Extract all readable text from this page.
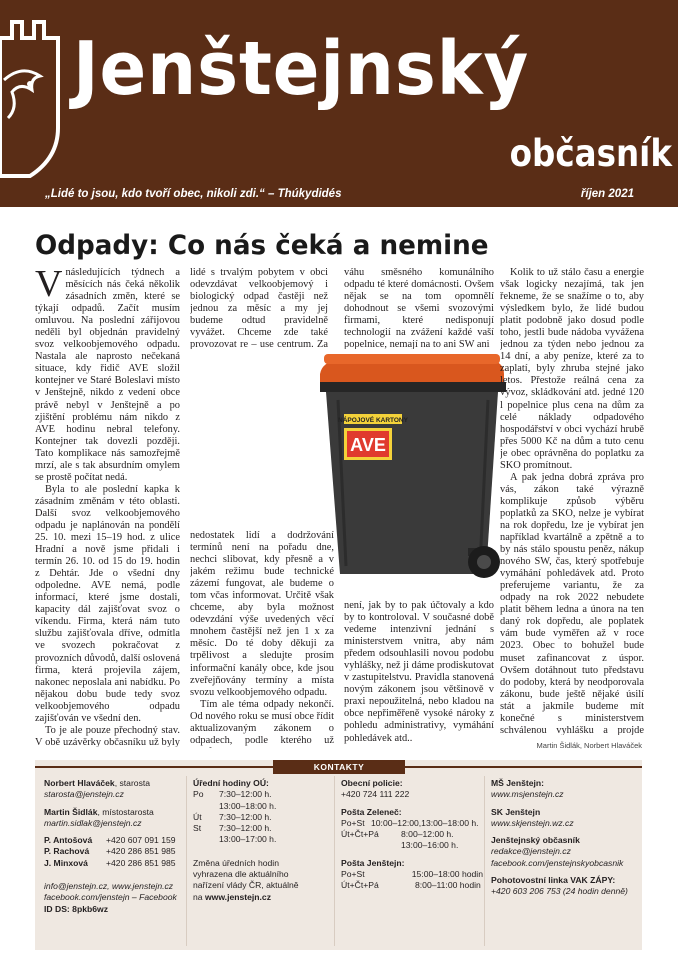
Jenštejnský
občasník
„Lidé to jsou, kdo tvoří obec, nikoli zdi.“ – Thúkydidés	říjen 2021
Odpady: Co nás čeká a nemine

Vnásledujících týdnech a měsících nás čeká několik zásadních změn, které se týkají odpadů. Začít musím omluvou. Na poslední zářijovou neděli byl objednán pravidelný svoz velkoobjemového odpadu. Nastala ale naprosto nečekaná situace, kdy řidič AVE složil kontejner ve Staré Boleslavi místo v Jenštejně, nikdo z vedení obce právě nebyl v Jenštejně a po zjištění problému nám nikdo z AVE hodinu nebral telefony. Kontejner tak dovezli později. Tato komplikace nás samozřejmě mrzí, ale s tak absurdním omylem se prostě počítat nedá.

Byla to ale poslední kapka k zásadním změnám v této oblasti. Další svoz velkoobjemového odpadu je naplánován na pondělí 25. 10. mezi 15–19 hod. z ulice Hradní a nově jsme přidali i termín 26. 10. od 15 do 19. hodin z Dehtár. Jde o všední dny odpoledne. AVE nemá, podle informací, které jsme dostali, kapacity dál zajišťovat svoz o víkendu. Firma, která nám tuto službu zajišťovala dříve, odmítla ve svozech pokračovat z provozních důvodů, další oslovená firma, která projevila zájem, nakonec neposlala ani nabídku. Po nějakou dobu bude tedy svoz velkoobjemového odpadu zajišťován ve všední den.

To je ale pouze přechodný stav. V obě uzávěrky občasníku už byly

lidé s trvalým pobytem v obci odevzdávat velkoobjemový i biologický odpad častěji než jednou za měsíc a my jej budeme odtud pravidelně vyvážet. Chceme zde také provozovat re – use centrum. Za

váhu směsného komunálního odpadu té které domácnosti. Ovšem nějak se na tom opomnělí dohodnout se všemi svozovými firmami, které nedisponují technologií na zvážení každé vaší popelnice, nemají na to ani SW ani

NÁPOJOVÉ KARTONY
AVE

nedostatek lidí a dodržování termínů není na pořadu dne, nechci slibovat, kdy přesně a v jakém režimu bude technické zázemí fungovat, ale budeme o tom včas informovat. Určitě však chceme, aby byla možnost odevzdání výše uvedených věcí mnohem častější než jen 1 x za měsíc. Do té doby děkuji za trpělivost a sledujte prosím informační kanály obce, kde jsou zveřejňovány termíny a místa svozu velkoobjemového odpadu.

Tím ale téma odpady nekončí. Od nového roku se musí obce řídit aktualizovaným zákonem o odpadech, podle kterého už

není, jak by to pak účtovaly a kdo by to kontroloval. V současné době vedeme intenzivní jednání s ministerstvem vnitra, aby nám předem odsouhlasili novou podobu vyhlášky, než ji dáme prodiskutovat v zastupitelstvu. Pravidla stanovená novým zákonem jsou většinově v praxi nepoužitelná, nebo kladou na obce nepřiměřeně vysoké nároky z pohledu administrativy, vymáhání pohledávek atd..

Kolik to už stálo času a energie však logicky nezajímá, tak jen řekneme, že se snažíme o to, aby výsledkem bylo, že lidé budou platit podobně jako dosud podle toho, jestli bude nádoba vyvážena jednou za týden nebo jednou za 14 dní, a aby peníze, které za to zaplatí, byly zhruba stejné jako letos. Přestože reálná cena za vývoz, skládkování atd. jedné 120 l popelnice plus cena na dům za celé náklady odpadového hospodářství v obci vychází hrubě přes 5000 Kč na dům a tuto cenu je obec oprávněna do poplatku za SKO promítnout.

A pak jedna dobrá zpráva pro vás, zákon také výrazně komplikuje způsob výběru poplatků za SKO, nelze je vybírat na rok dopředu, lze je vybírat jen například kvartálně a zpětně a to by nás stálo spoustu peněz, nákup nového SW, čas, který spotřebuje vymáhání pohledávek atd. Proto preferujeme variantu, že za odpady na rok 2022 nebudete platit během ledna a února na ten daný rok dopředu, ale poplatek vám bude vyměřen až v roce 2023. Obec to bohužel bude muset zafinancovat z úspor. Ovšem dotáhnout tuto představu do podoby, která by neodporovala zákonu, bude ještě nějaké úsilí stát a jakmile budeme mít konečné s ministerstvem schválenou vyhlášku a projde

Martin Šidlák, Norbert Hlaváček
KONTAKTY
Norbert Hlaváček, starosta
starosta@jenstejn.cz
Martin Šidlák, místostarosta
martin.sidlak@jenstejn.cz
P. Antošová	+420 607 091 159
P. Rachová	+420 286 851 985
J. Minxová	+420 286 851 985
info@jenstejn.cz, www.jenstejn.cz
facebook.com/jenstejn – Facebook
ID DS: 8pkb6wz
Úřední hodiny OÚ:
Po	7:30–12:00 h.
13:00–18:00 h.
Út	7:30–12:00 h.
St	7:30–12:00 h.
13:00–17:00 h.
Změna úředních hodin
vyhrazena dle aktuálního
nařízení vlády ČR, aktuálně
na www.jenstejn.cz
Obecní policie:
+420 724 111 222
Pošta Zeleneč:
Po+St 10:00–12:00,13:00–18:00 h.
Út+Čt+Pá	8:00–12:00 h.
13:00–16:00 h.
Pošta Jenštejn:
Po+St	15:00–18:00 hodin
Út+Čt+Pá	8:00–11:00 hodin
MŠ Jenštejn:
www.msjenstejn.cz
SK Jenštejn
www.skjenstejn.wz.cz
Jenštejnský občasník
redakce@jenstejn.cz
facebook.com/jenstejnskyobcasnik
Pohotovostní linka VAK ZÁPY:
+420 603 206 753 (24 hodin denně)
